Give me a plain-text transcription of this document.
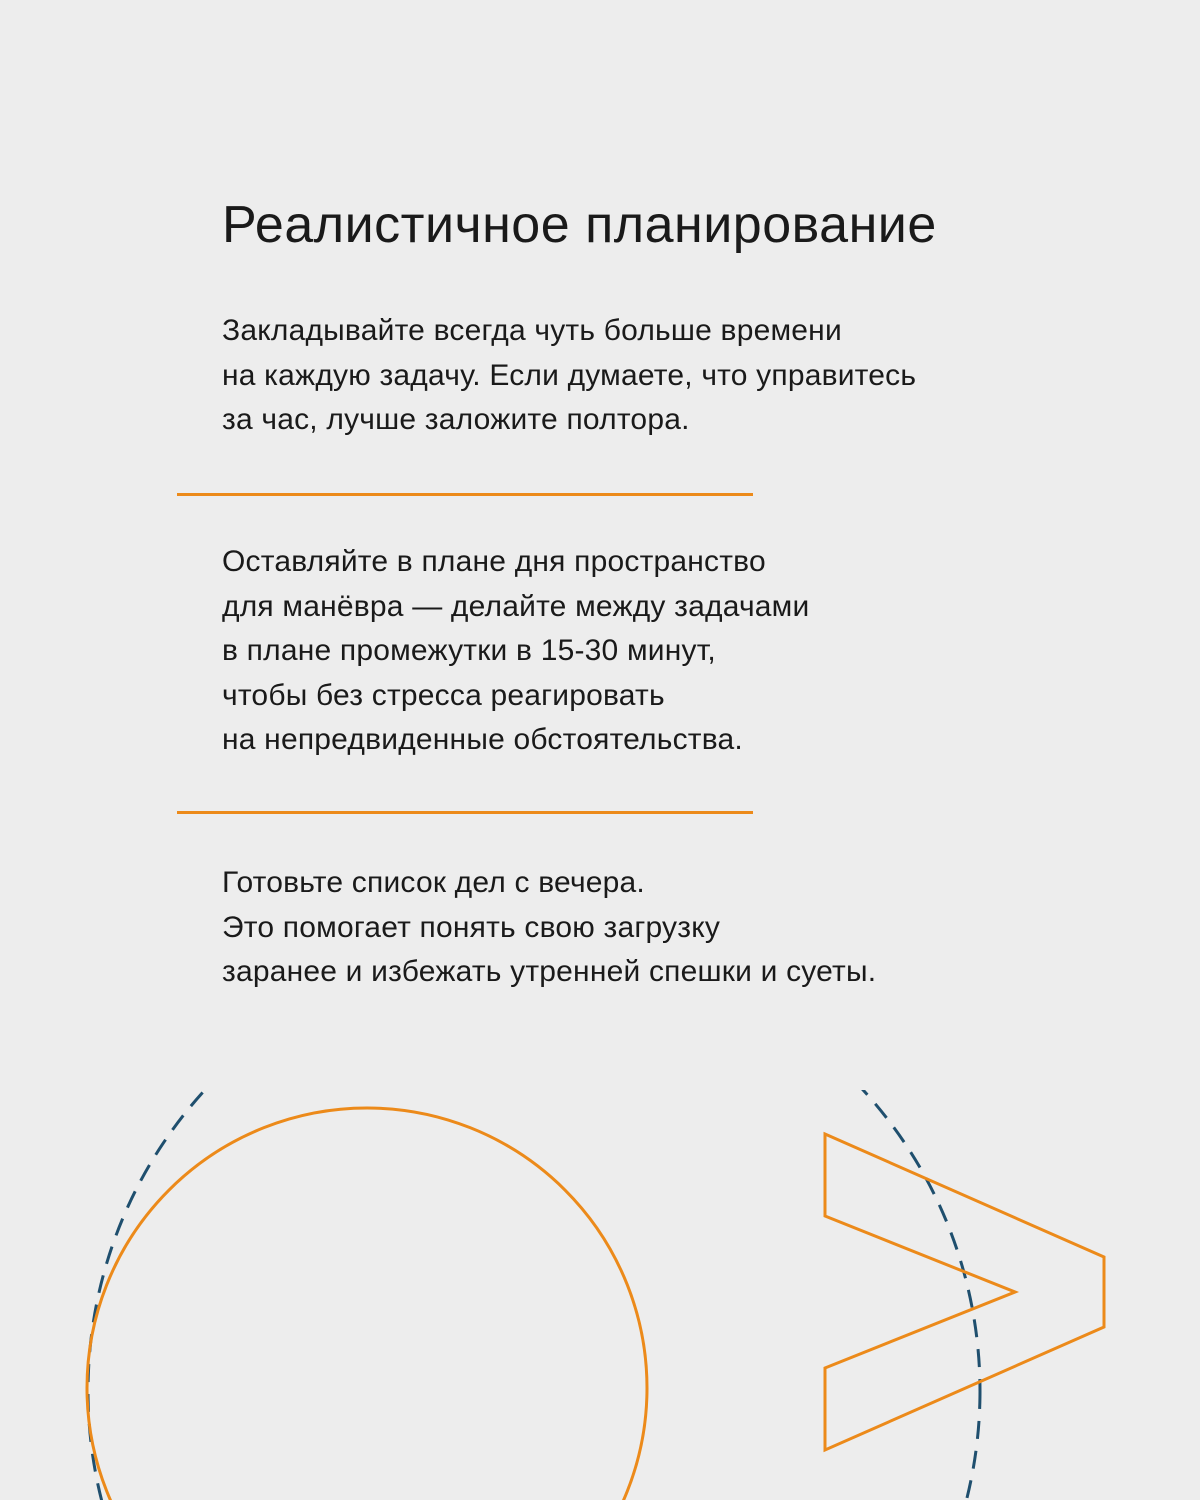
Реалистичное планирование

Закладывайте всегда чуть больше времени
на каждую задачу. Если думаете, что управитесь
за час, лучше заложите полтора.

Оставляйте в плане дня пространство
для манёвра — делайте между задачами
в плане промежутки в 15-30 минут,
чтобы без стресса реагировать
на непредвиденные обстоятельства.

Готовьте список дел с вечера.
Это помогает понять свою загрузку
заранее и избежать утренней спешки и суеты.
